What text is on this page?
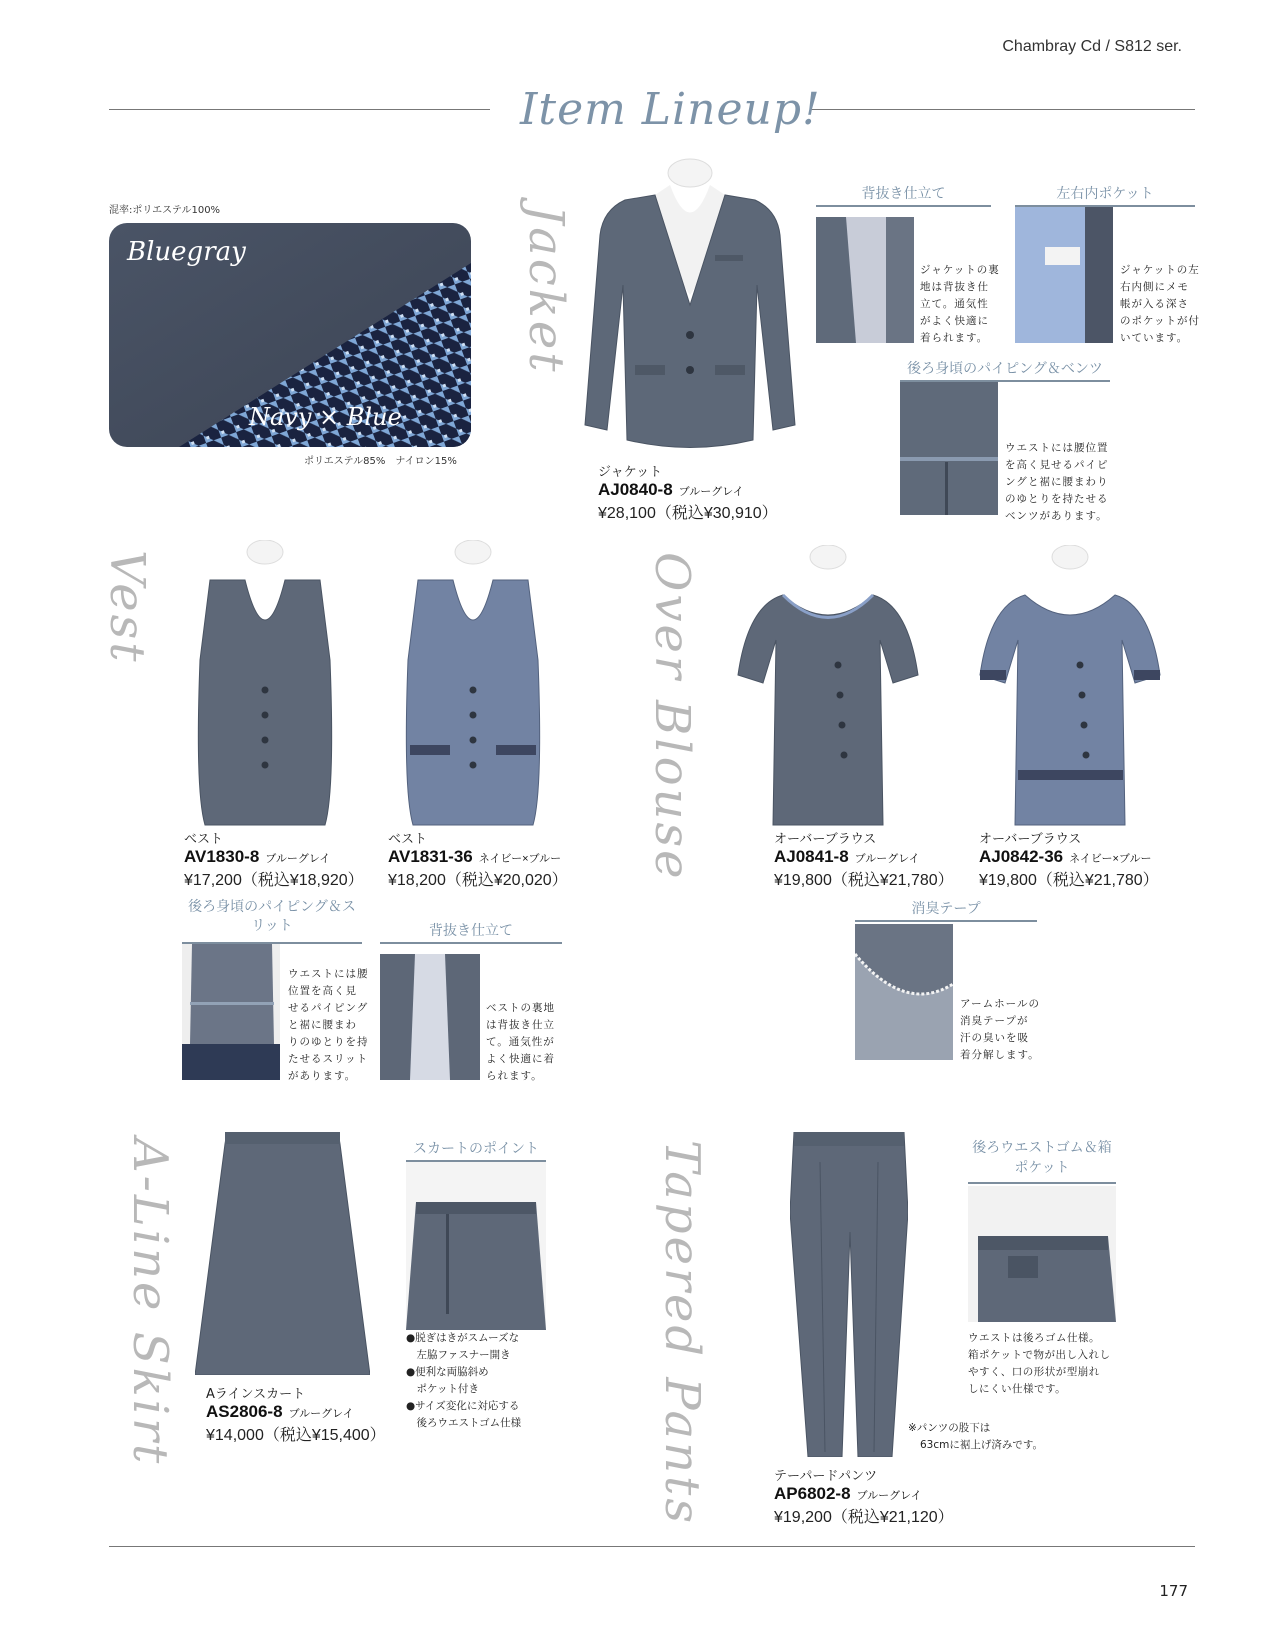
Chambray Cd / S812 ser.
Item Lineup!
Jacket
Vest	Over Blouse
A-Line Skirt	Tapered Pants
混率:ポリエステル100%
Bluegray
Navy × Blue
ポリエステル85%　ナイロン15%
ジャケット
AJ0840-8 ブルーグレイ
¥28,100（税込¥30,910）
背抜き仕立て
ジャケットの裏
地は背抜き仕
立て。通気性
がよく快適に
着られます。
左右内ポケット
ジャケットの左
右内側にメモ
帳が入る深さ
のポケットが付
いています。
後ろ身頃のパイピング＆ベンツ
ウエストには腰位置
を高く見せるパイピ
ングと裾に腰まわり
のゆとりを持たせる
ベンツがあります。
ベスト
AV1830-8 ブルーグレイ
¥17,200（税込¥18,920）
ベスト
AV1831-36 ネイビー×ブルー
¥18,200（税込¥20,020）
後ろ身頃のパイピング＆スリット
ウエストには腰
位置を高く見
せるパイピング
と裾に腰まわ
りのゆとりを持
たせるスリット
があります。
背抜き仕立て
ベストの裏地
は背抜き仕立
て。通気性が
よく快適に着
られます。
オーバーブラウス
AJ0841-8 ブルーグレイ
¥19,800（税込¥21,780）
オーバーブラウス
AJ0842-36 ネイビー×ブルー
¥19,800（税込¥21,780）
消臭テープ
アームホールの
消臭テープが
汗の臭いを吸
着分解します。
Aラインスカート
AS2806-8 ブルーグレイ
¥14,000（税込¥15,400）
スカートのポイント
●脱ぎはきがスムーズな
　左脇ファスナー開き
●便利な両脇斜め
　ポケット付き
●サイズ変化に対応する
　後ろウエストゴム仕様
テーパードパンツ
AP6802-8 ブルーグレイ
¥19,200（税込¥21,120）
後ろウエストゴム＆箱ポケット
ウエストは後ろゴム仕様。
箱ポケットで物が出し入れし
やすく、口の形状が型崩れ
しにくい仕様です。
※パンツの股下は
63cmに裾上げ済みです。
177
